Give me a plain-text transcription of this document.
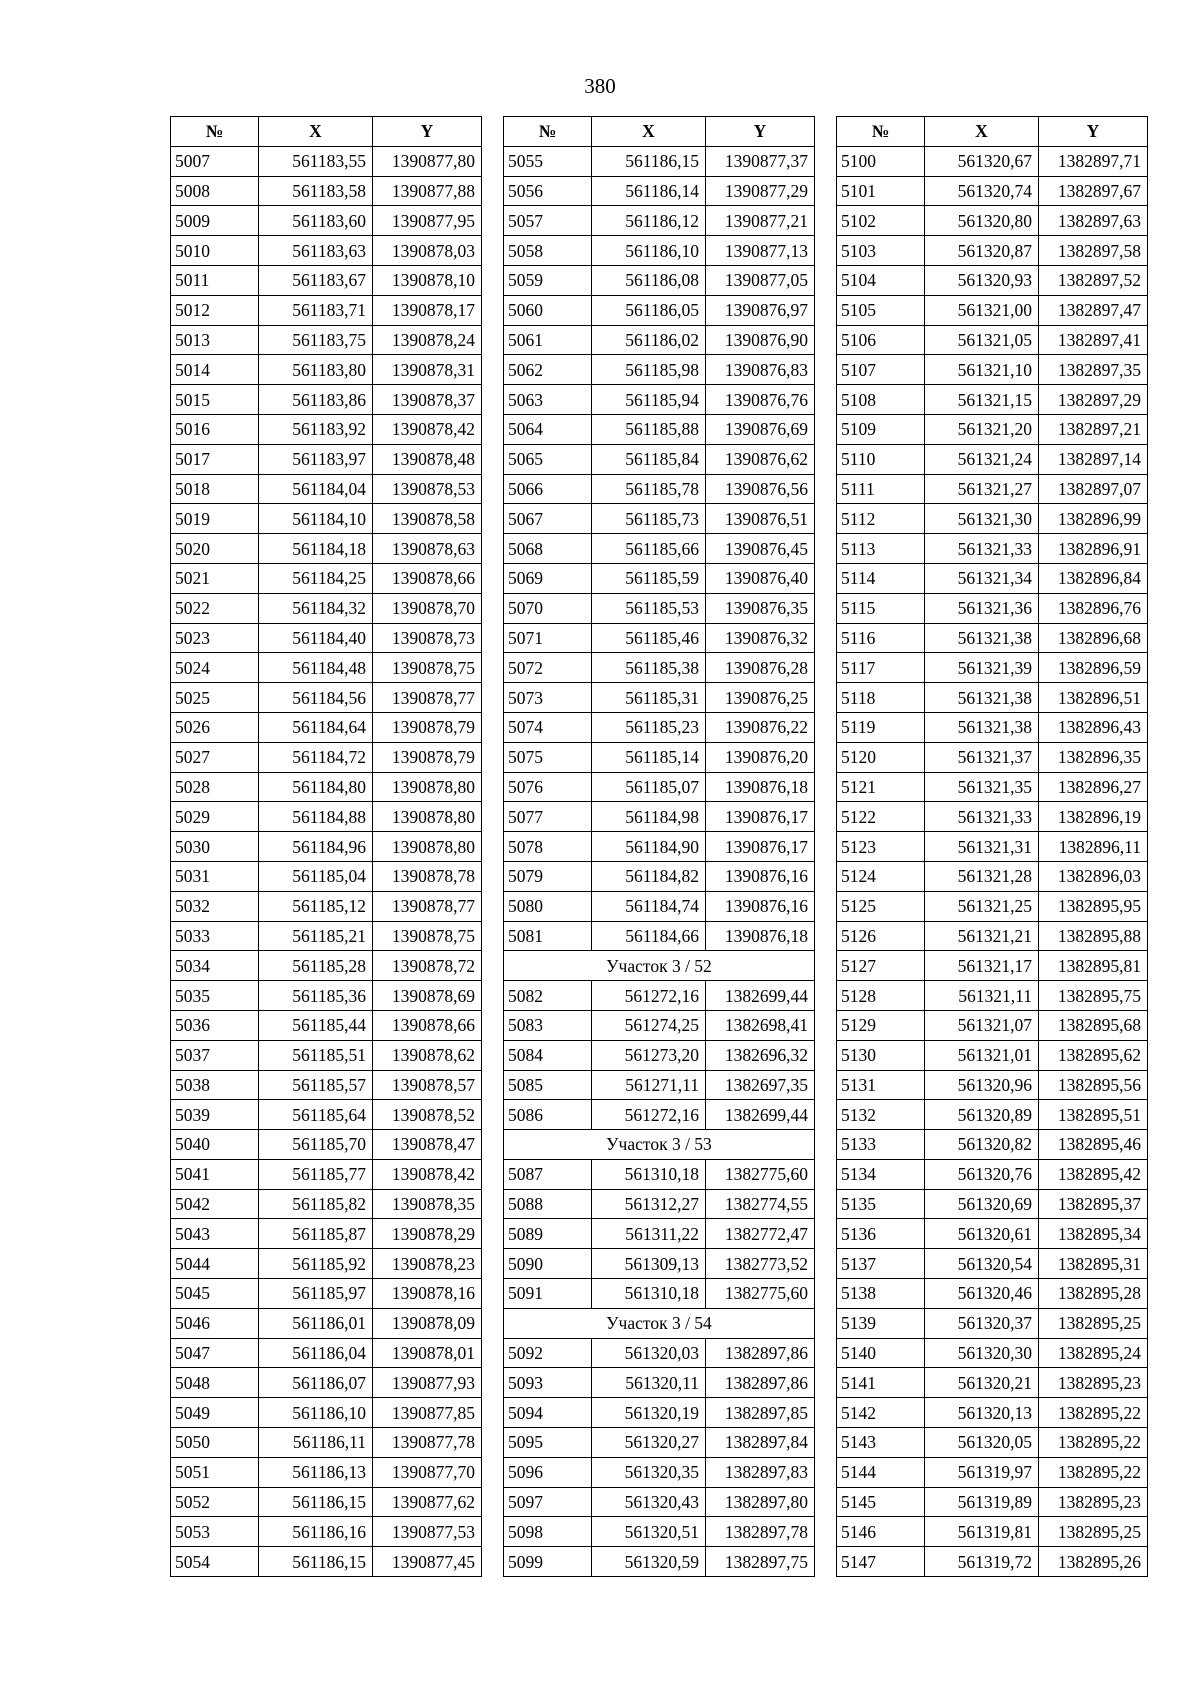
380
№	X	Y
5007	561183,55	1390877,80
5008	561183,58	1390877,88
5009	561183,60	1390877,95
5010	561183,63	1390878,03
5011	561183,67	1390878,10
5012	561183,71	1390878,17
5013	561183,75	1390878,24
5014	561183,80	1390878,31
5015	561183,86	1390878,37
5016	561183,92	1390878,42
5017	561183,97	1390878,48
5018	561184,04	1390878,53
5019	561184,10	1390878,58
5020	561184,18	1390878,63
5021	561184,25	1390878,66
5022	561184,32	1390878,70
5023	561184,40	1390878,73
5024	561184,48	1390878,75
5025	561184,56	1390878,77
5026	561184,64	1390878,79
5027	561184,72	1390878,79
5028	561184,80	1390878,80
5029	561184,88	1390878,80
5030	561184,96	1390878,80
5031	561185,04	1390878,78
5032	561185,12	1390878,77
5033	561185,21	1390878,75
5034	561185,28	1390878,72
5035	561185,36	1390878,69
5036	561185,44	1390878,66
5037	561185,51	1390878,62
5038	561185,57	1390878,57
5039	561185,64	1390878,52
5040	561185,70	1390878,47
5041	561185,77	1390878,42
5042	561185,82	1390878,35
5043	561185,87	1390878,29
5044	561185,92	1390878,23
5045	561185,97	1390878,16
5046	561186,01	1390878,09
5047	561186,04	1390878,01
5048	561186,07	1390877,93
5049	561186,10	1390877,85
5050	561186,11	1390877,78
5051	561186,13	1390877,70
5052	561186,15	1390877,62
5053	561186,16	1390877,53
5054	561186,15	1390877,45
№	X	Y
5055	561186,15	1390877,37
5056	561186,14	1390877,29
5057	561186,12	1390877,21
5058	561186,10	1390877,13
5059	561186,08	1390877,05
5060	561186,05	1390876,97
5061	561186,02	1390876,90
5062	561185,98	1390876,83
5063	561185,94	1390876,76
5064	561185,88	1390876,69
5065	561185,84	1390876,62
5066	561185,78	1390876,56
5067	561185,73	1390876,51
5068	561185,66	1390876,45
5069	561185,59	1390876,40
5070	561185,53	1390876,35
5071	561185,46	1390876,32
5072	561185,38	1390876,28
5073	561185,31	1390876,25
5074	561185,23	1390876,22
5075	561185,14	1390876,20
5076	561185,07	1390876,18
5077	561184,98	1390876,17
5078	561184,90	1390876,17
5079	561184,82	1390876,16
5080	561184,74	1390876,16
5081	561184,66	1390876,18
Участок 3 / 52		
5082	561272,16	1382699,44
5083	561274,25	1382698,41
5084	561273,20	1382696,32
5085	561271,11	1382697,35
5086	561272,16	1382699,44
Участок 3 / 53		
5087	561310,18	1382775,60
5088	561312,27	1382774,55
5089	561311,22	1382772,47
5090	561309,13	1382773,52
5091	561310,18	1382775,60
Участок 3 / 54		
5092	561320,03	1382897,86
5093	561320,11	1382897,86
5094	561320,19	1382897,85
5095	561320,27	1382897,84
5096	561320,35	1382897,83
5097	561320,43	1382897,80
5098	561320,51	1382897,78
5099	561320,59	1382897,75
№	X	Y
5100	561320,67	1382897,71
5101	561320,74	1382897,67
5102	561320,80	1382897,63
5103	561320,87	1382897,58
5104	561320,93	1382897,52
5105	561321,00	1382897,47
5106	561321,05	1382897,41
5107	561321,10	1382897,35
5108	561321,15	1382897,29
5109	561321,20	1382897,21
5110	561321,24	1382897,14
5111	561321,27	1382897,07
5112	561321,30	1382896,99
5113	561321,33	1382896,91
5114	561321,34	1382896,84
5115	561321,36	1382896,76
5116	561321,38	1382896,68
5117	561321,39	1382896,59
5118	561321,38	1382896,51
5119	561321,38	1382896,43
5120	561321,37	1382896,35
5121	561321,35	1382896,27
5122	561321,33	1382896,19
5123	561321,31	1382896,11
5124	561321,28	1382896,03
5125	561321,25	1382895,95
5126	561321,21	1382895,88
5127	561321,17	1382895,81
5128	561321,11	1382895,75
5129	561321,07	1382895,68
5130	561321,01	1382895,62
5131	561320,96	1382895,56
5132	561320,89	1382895,51
5133	561320,82	1382895,46
5134	561320,76	1382895,42
5135	561320,69	1382895,37
5136	561320,61	1382895,34
5137	561320,54	1382895,31
5138	561320,46	1382895,28
5139	561320,37	1382895,25
5140	561320,30	1382895,24
5141	561320,21	1382895,23
5142	561320,13	1382895,22
5143	561320,05	1382895,22
5144	561319,97	1382895,22
5145	561319,89	1382895,23
5146	561319,81	1382895,25
5147	561319,72	1382895,26
